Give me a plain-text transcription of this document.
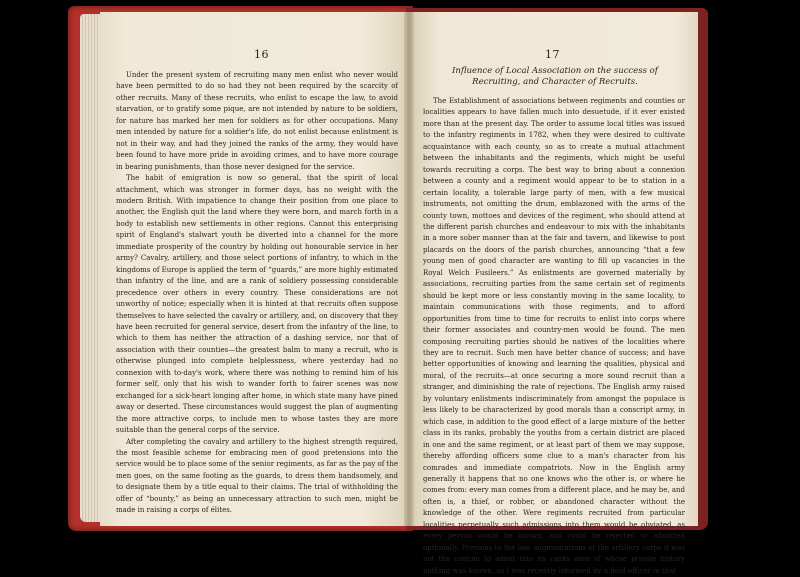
16

Under the present system of recruiting many men enlist who never would have been permitted to do so had they not been required by the scarcity of other recruits. Many of these recruits, who enlist to escape the law, to avoid starvation, or to gratify some pique, are not intended by nature to be soldiers, for nature has marked her men for soldiers as for other occupations. Many men intended by nature for a soldier's life, do not enlist because enlistment is not in their way, and had they joined the ranks of the army, they would have been found to have more pride in avoiding crimes, and to have more courage in bearing punishments, than those never designed for the service.

The habit of emigration is now so general, that the spirit of local attachment, which was stronger in former days, has no weight with the modern British. With impatience to change their position from one place to another, the English quit the land where they were born, and march forth in a body to establish new settlements in other regions. Cannot this enterprising spirit of England's stalwart youth be diverted into a channel for the more immediate prosperity of the country by holding out honourable service in her army? Cavalry, artillery, and those select portions of infantry, to which in the kingdoms of Europe is applied the term of “guards,” are more highly estimated than infantry of the line, and are a rank of soldiery possessing considerable precedence over others in every country. These considerations are not unworthy of notice; especially when it is hinted at that recruits often suppose themselves to have selected the cavalry or artillery, and, on discovery that they have been recruited for general service, desert from the infantry of the line, to which to them has neither the attraction of a dashing service, nor that of association with their counties—the greatest balm to many a recruit, who is otherwise plunged into complete helplessness, where yesterday had no connexion with to-day's work, where there was nothing to remind him of his former self, only that his wish to wander forth to fairer scenes was now exchanged for a sick-heart longing after home, in which state many have pined away or deserted. These circumstances would suggest the plan of augmenting the more attractive corps, to include men to whose tastes they are more suitable than the general corps of the service.

After completing the cavalry and artillery to the highest strength required, the most feasible scheme for embracing men of good pretensions into the service would be to place some of the senior regiments, as far as the pay of the men goes, on the same footing as the guards, to dress them handsomely, and to designate them by a title equal to their claims. The trial of withholding the offer of “bounty,” as being an unnecessary attraction to such men, might be made in raising a corps of élites.

17
Influence of Local Association on the success of Recruiting, and Character of Recruits.

The Establishment of associations between regiments and counties or localities appears to have fallen much into desuetude, if it ever existed more than at the present day. The order to assume local titles was issued to the infantry regiments in 1782, when they were desired to cultivate acquaintance with each county, so as to create a mutual attachment between the inhabitants and the regiments, which might be useful towards recruiting a corps. The best way to bring about a connexion between a county and a regiment would appear to be to station in a certain locality, a tolerable large party of men, with a few musical instruments, not omitting the drum, emblazoned with the arms of the county town, mottoes and devices of the regiment, who should attend at the different parish churches and endeavour to mix with the inhabitants in a more sober manner than at the fair and tavern, and likewise to post placards on the doors of the parish churches, announcing “that a few young men of good character are wanting to fill up vacancies in the Royal Welch Fusileers.” As enlistments are governed materially by associations, recruiting parties from the same certain set of regiments should be kept more or less constantly moving in the same locality, to maintain communications with those regiments, and to afford opportunities from time to time for recruits to enlist into corps where their former associates and country-men would be found. The men composing recruiting parties should be natives of the localities where they are to recruit. Such men have better chance of success; and have better opportunities of knowing and learning the qualities, physical and moral, of the recruits—at once securing a more sound recruit than a stranger, and diminishing the rate of rejections. The English army raised by voluntary enlistments indiscriminately from amongst the populace is less likely to be characterized by good morals than a conscript army, in which case, in addition to the good effect of a large mixture of the better class in its ranks, probably the youths from a certain district are placed in one and the same regiment, or at least part of them we may suppose, thereby affording officers some clue to a man's character from his comrades and immediate compatriots. Now in the English army generally it happens that no one knows who the other is, or where he comes from: every man comes from a different place, and he may be, and often is, a thief, or robber, or abandoned character without the knowledge of the other. Were regiments recruited from particular localities perpetually such admissions into them would be obviated, as every person would be known, and could be rejected or admitted optionally. Previous to the late augmentations of the artillery corps it was not the custom to admit into its ranks men of whose private history nothing was known, as I was recently informed by a field officer in that
